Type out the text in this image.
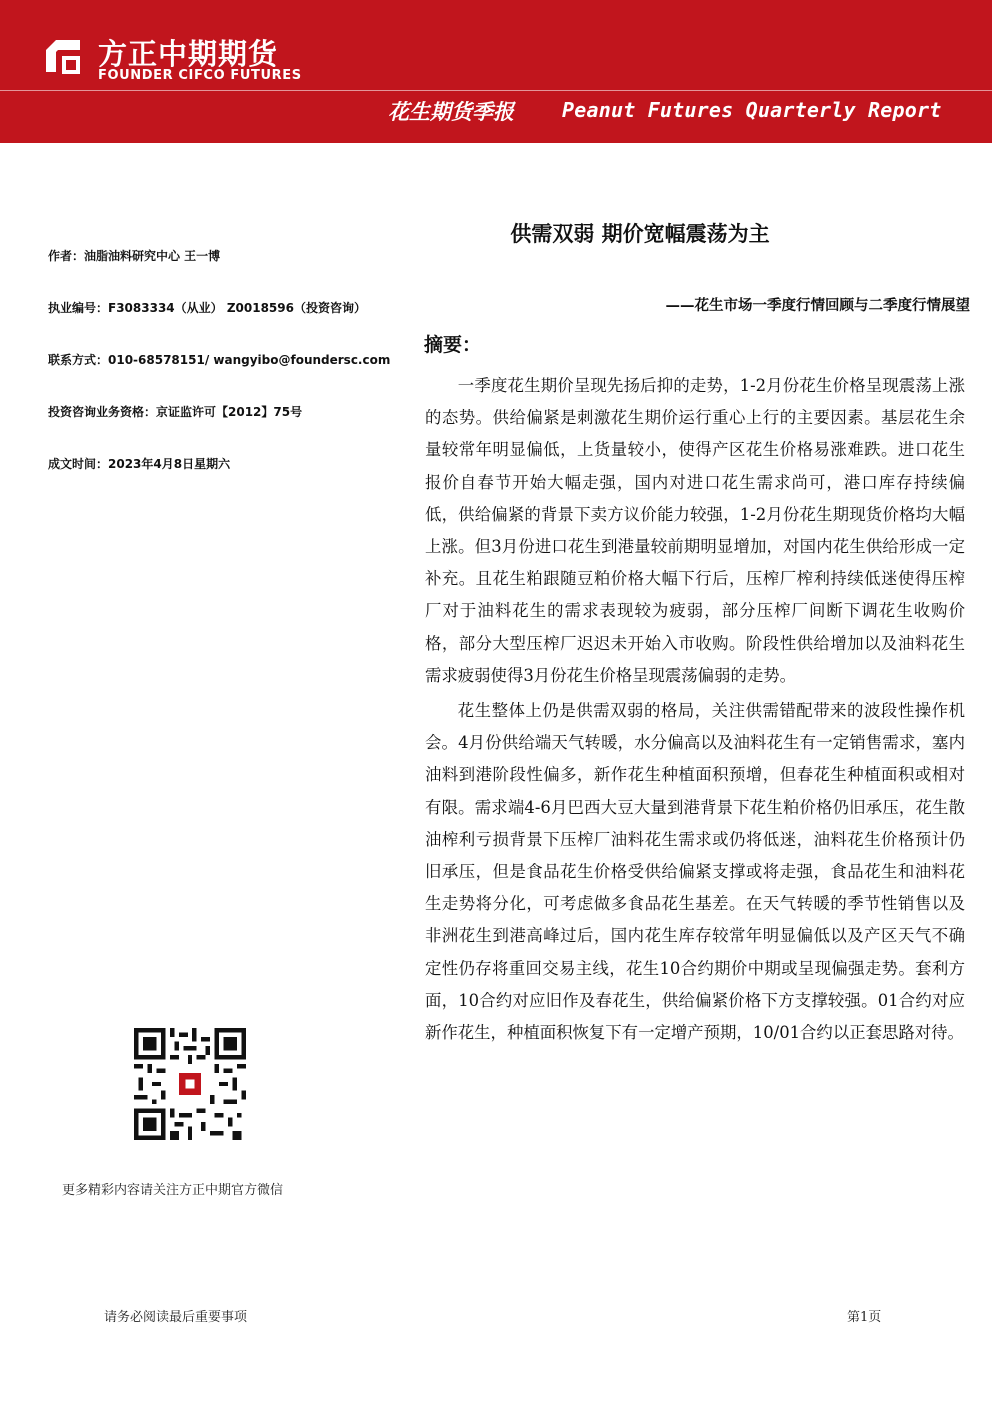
方正中期期货
FOUNDER CIFCO FUTURES
花生期货季报 Peanut Futures Quarterly Report
供需双弱 期价宽幅震荡为主
——花生市场一季度行情回顾与二季度行情展望
作者：油脂油料研究中心 王一博
执业编号：F3083334（从业） Z0018596（投资咨询）
联系方式：010-68578151/ wangyibo@foundersc.com
投资咨询业务资格：京证监许可【2012】75号
成文时间：2023年4月8日星期六
摘要：

一季度花生期价呈现先扬后抑的走势，1-2月份花生价格呈现震荡上涨的态势。供给偏紧是刺激花生期价运行重心上行的主要因素。基层花生余量较常年明显偏低，上货量较小，使得产区花生价格易涨难跌。进口花生报价自春节开始大幅走强，国内对进口花生需求尚可，港口库存持续偏低，供给偏紧的背景下卖方议价能力较强，1-2月份花生期现货价格均大幅上涨。但3月份进口花生到港量较前期明显增加，对国内花生供给形成一定补充。且花生粕跟随豆粕价格大幅下行后，压榨厂榨利持续低迷使得压榨厂对于油料花生的需求表现较为疲弱，部分压榨厂间断下调花生收购价格，部分大型压榨厂迟迟未开始入市收购。阶段性供给增加以及油料花生需求疲弱使得3月份花生价格呈现震荡偏弱的走势。

花生整体上仍是供需双弱的格局，关注供需错配带来的波段性操作机会。4月份供给端天气转暖，水分偏高以及油料花生有一定销售需求，塞内油料到港阶段性偏多，新作花生种植面积预增，但春花生种植面积或相对有限。需求端4-6月巴西大豆大量到港背景下花生粕价格仍旧承压，花生散油榨利亏损背景下压榨厂油料花生需求或仍将低迷，油料花生价格预计仍旧承压，但是食品花生价格受供给偏紧支撑或将走强，食品花生和油料花生走势将分化，可考虑做多食品花生基差。在天气转暖的季节性销售以及非洲花生到港高峰过后，国内花生库存较常年明显偏低以及产区天气不确定性仍存将重回交易主线，花生10合约期价中期或呈现偏强走势。套利方面，10合约对应旧作及春花生，供给偏紧价格下方支撑较强。01合约对应新作花生，种植面积恢复下有一定增产预期，10/01合约以正套思路对待。

更多精彩内容请关注方正中期官方微信
请务必阅读最后重要事项	第1页
